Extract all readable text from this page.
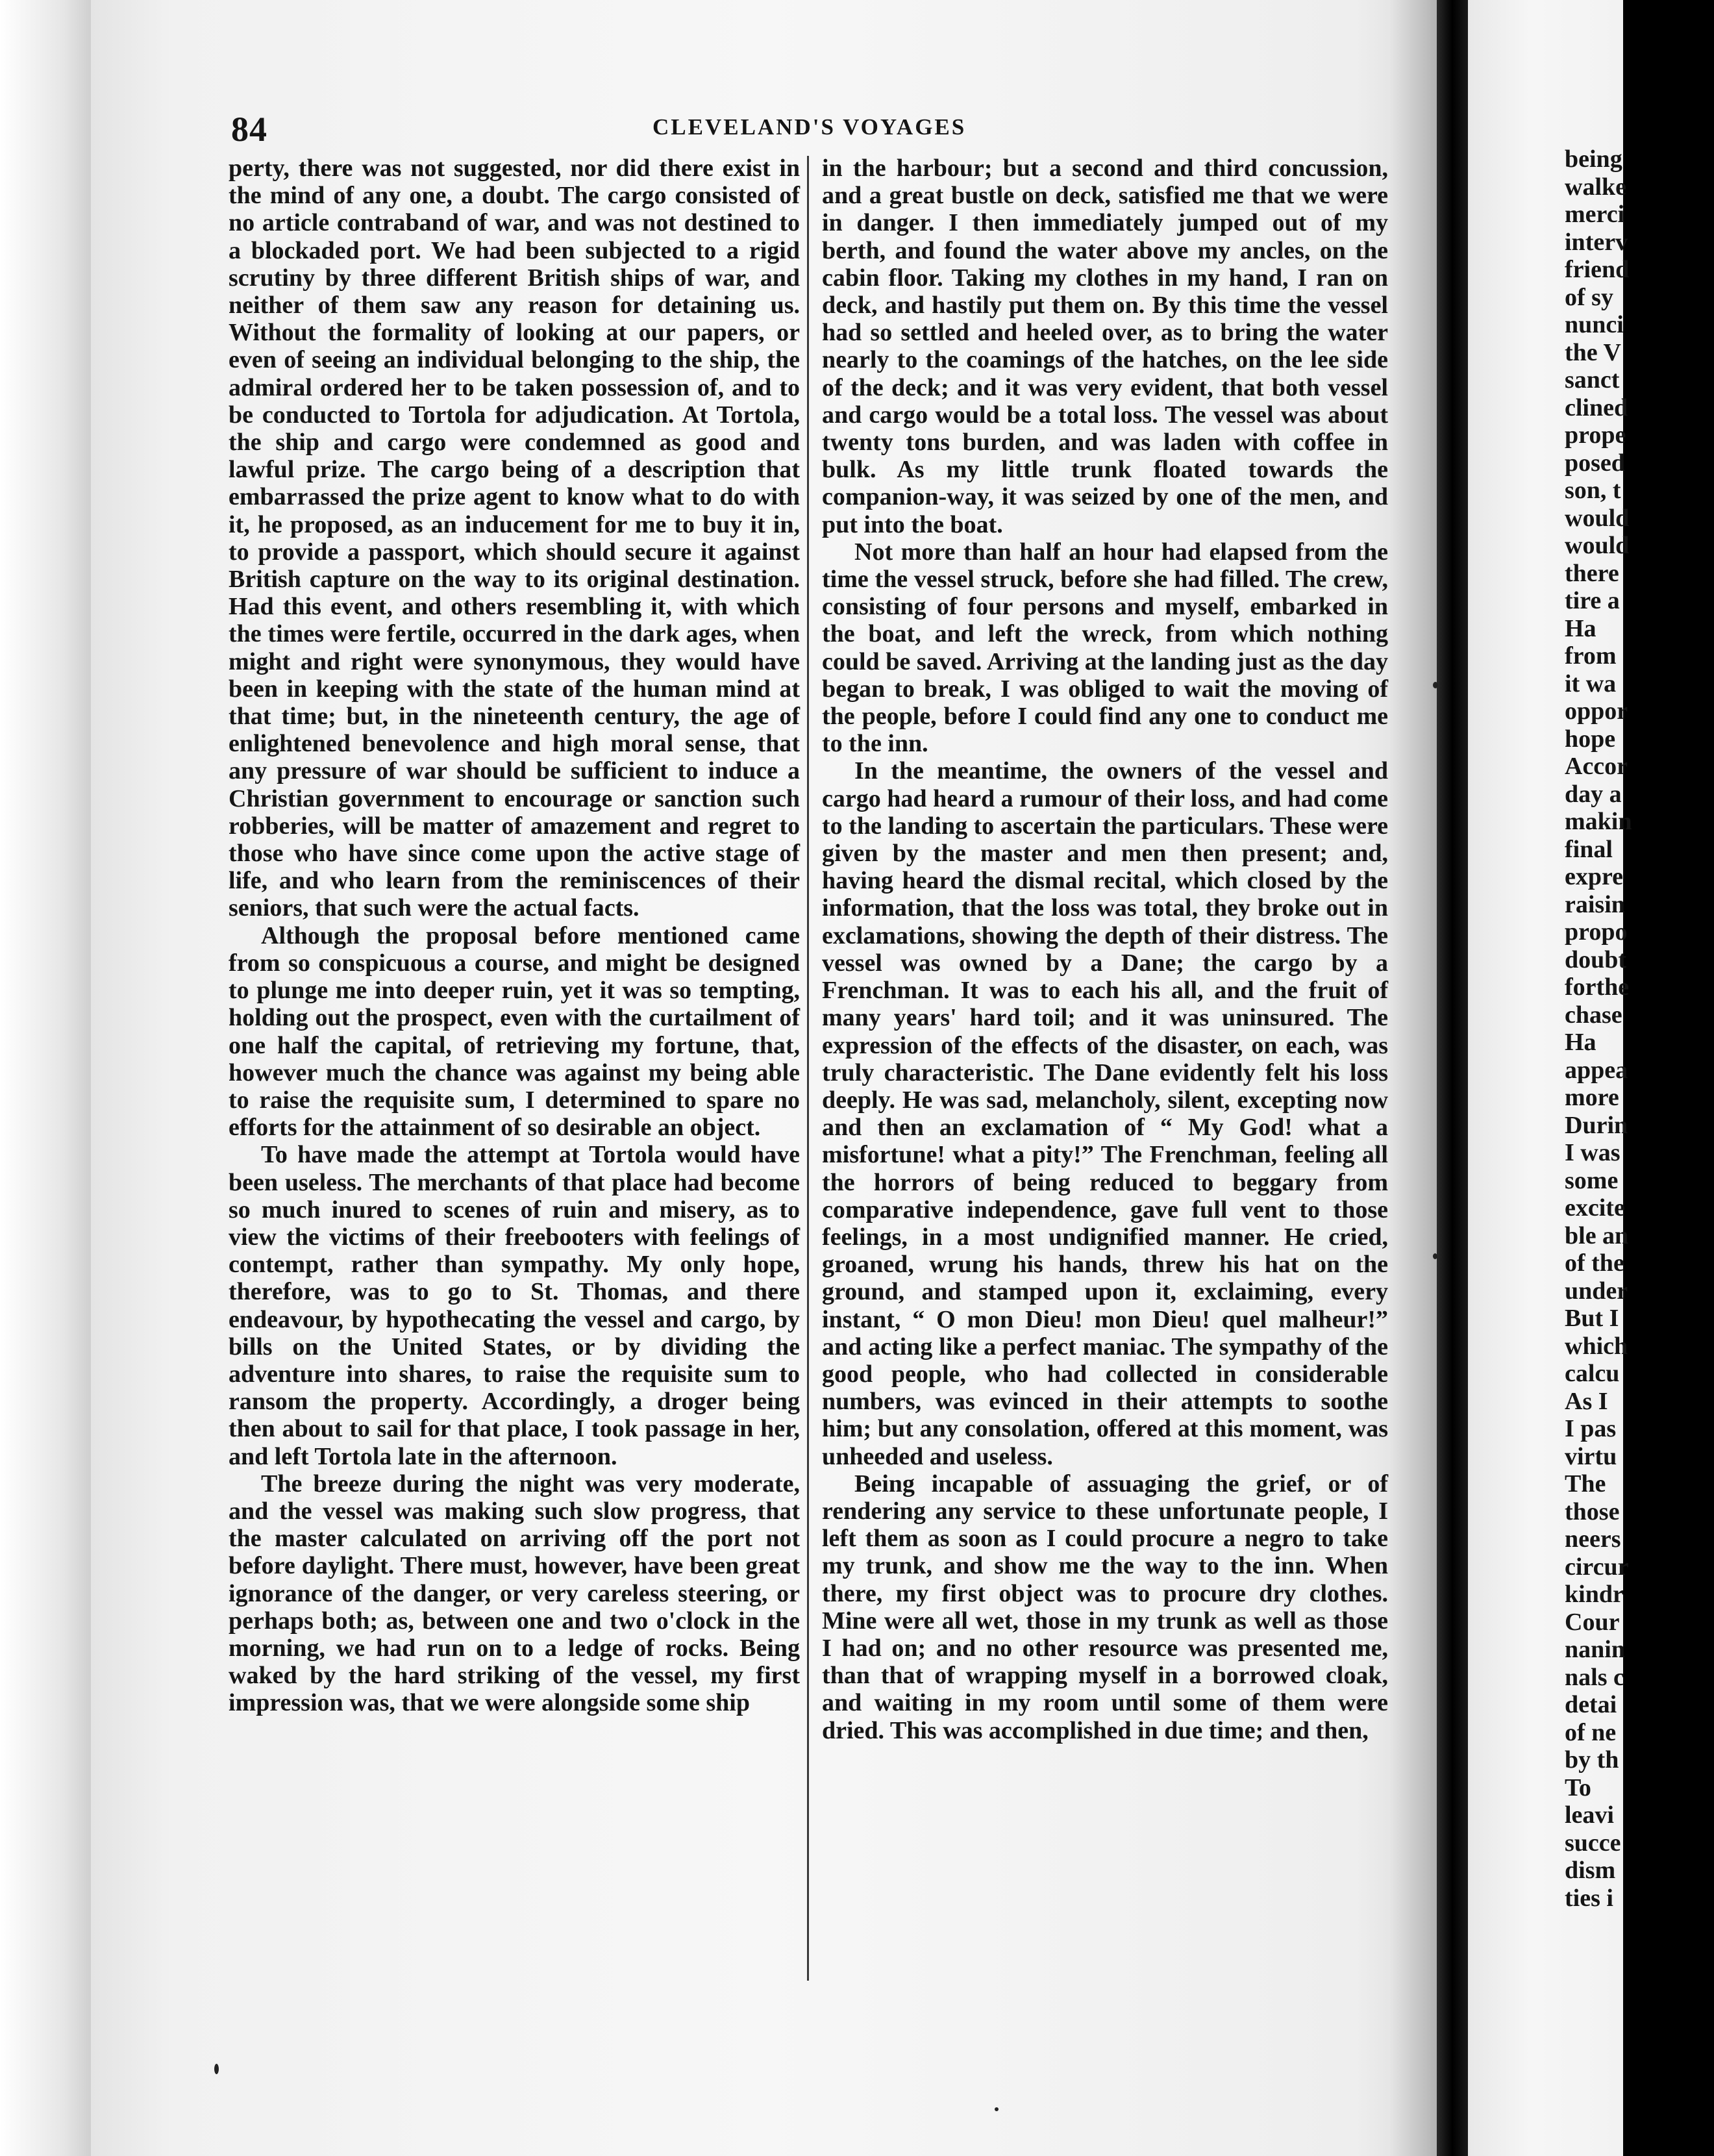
84	CLEVELAND'S VOYAGES

perty, there was not suggested, nor did there exist in the mind of any one, a doubt. The cargo consisted of no article contraband of war, and was not destined to a blockaded port. We had been subjected to a rigid scrutiny by three different British ships of war, and neither of them saw any reason for detaining us. Without the formality of looking at our papers, or even of seeing an individual belonging to the ship, the admiral ordered her to be taken possession of, and to be conducted to Tortola for adjudication. At Tortola, the ship and cargo were condemned as good and lawful prize. The cargo being of a description that embarrassed the prize agent to know what to do with it, he proposed, as an inducement for me to buy it in, to provide a passport, which should secure it against British capture on the way to its original destination. Had this event, and others resembling it, with which the times were fertile, occurred in the dark ages, when might and right were synonymous, they would have been in keeping with the state of the human mind at that time; but, in the nineteenth century, the age of enlightened benevolence and high moral sense, that any pressure of war should be sufficient to induce a Christian government to encourage or sanction such robberies, will be matter of amazement and regret to those who have since come upon the active stage of life, and who learn from the reminiscences of their seniors, that such were the actual facts.

Although the proposal before mentioned came from so conspicuous a course, and might be designed to plunge me into deeper ruin, yet it was so tempting, holding out the prospect, even with the curtailment of one half the capital, of retrieving my fortune, that, however much the chance was against my being able to raise the requisite sum, I determined to spare no efforts for the attainment of so desirable an object.

To have made the attempt at Tortola would have been useless. The merchants of that place had become so much inured to scenes of ruin and misery, as to view the victims of their freebooters with feelings of contempt, rather than sympathy. My only hope, therefore, was to go to St. Thomas, and there endeavour, by hypothecating the vessel and cargo, by bills on the United States, or by dividing the adventure into shares, to raise the requisite sum to ransom the property. Accordingly, a droger being then about to sail for that place, I took passage in her, and left Tortola late in the afternoon.

The breeze during the night was very moderate, and the vessel was making such slow progress, that the master calculated on arriving off the port not before daylight. There must, however, have been great ignorance of the danger, or very careless steering, or perhaps both; as, between one and two o'clock in the morning, we had run on to a ledge of rocks. Being waked by the hard striking of the vessel, my first impression was, that we were alongside some ship

in the harbour; but a second and third concussion, and a great bustle on deck, satisfied me that we were in danger. I then immediately jumped out of my berth, and found the water above my ancles, on the cabin floor. Taking my clothes in my hand, I ran on deck, and hastily put them on. By this time the vessel had so settled and heeled over, as to bring the water nearly to the coamings of the hatches, on the lee side of the deck; and it was very evident, that both vessel and cargo would be a total loss. The vessel was about twenty tons burden, and was laden with coffee in bulk. As my little trunk floated towards the companion-way, it was seized by one of the men, and put into the boat.

Not more than half an hour had elapsed from the time the vessel struck, before she had filled. The crew, consisting of four persons and myself, embarked in the boat, and left the wreck, from which nothing could be saved. Arriving at the landing just as the day began to break, I was obliged to wait the moving of the people, before I could find any one to conduct me to the inn.

In the meantime, the owners of the vessel and cargo had heard a rumour of their loss, and had come to the landing to ascertain the particulars. These were given by the master and men then present; and, having heard the dismal recital, which closed by the information, that the loss was total, they broke out in exclamations, showing the depth of their distress. The vessel was owned by a Dane; the cargo by a Frenchman. It was to each his all, and the fruit of many years' hard toil; and it was uninsured. The expression of the effects of the disaster, on each, was truly characteristic. The Dane evidently felt his loss deeply. He was sad, melancholy, silent, excepting now and then an exclamation of “ My God! what a misfortune! what a pity!” The Frenchman, feeling all the horrors of being reduced to beggary from comparative independence, gave full vent to those feelings, in a most undignified manner. He cried, groaned, wrung his hands, threw his hat on the ground, and stamped upon it, exclaiming, every instant, “ O mon Dieu! mon Dieu! quel malheur!” and acting like a perfect maniac. The sympathy of the good people, who had collected in considerable numbers, was evinced in their attempts to soothe him; but any consolation, offered at this moment, was unheeded and useless.

Being incapable of assuaging the grief, or of rendering any service to these unfortunate people, I left them as soon as I could procure a negro to take my trunk, and show me the way to the inn. When there, my first object was to procure dry clothes. Mine were all wet, those in my trunk as well as those I had on; and no other resource was presented me, than that of wrapping myself in a borrowed cloak, and waiting in my room until some of them were dried. This was accomplished in due time; and then,

being
walke
merci
interv
friend
of sy
nunci
the V
sanct
clined
prope
posed
son, t
would
would
there
tire a
Ha
from
it wa
oppor
hope
Accor
day a
makin
final
expre
raisin
propo
doubt
forthe
chase
Ha
appea
more
Durin
I was
some
excite
ble an
of the
under
But I
which
calcu
As I
I pas
virtu
The
those
neers
circur
kindr
Cour
nanin
nals c
detai
of ne
by th
To
leavi
succe
dism
ties i
